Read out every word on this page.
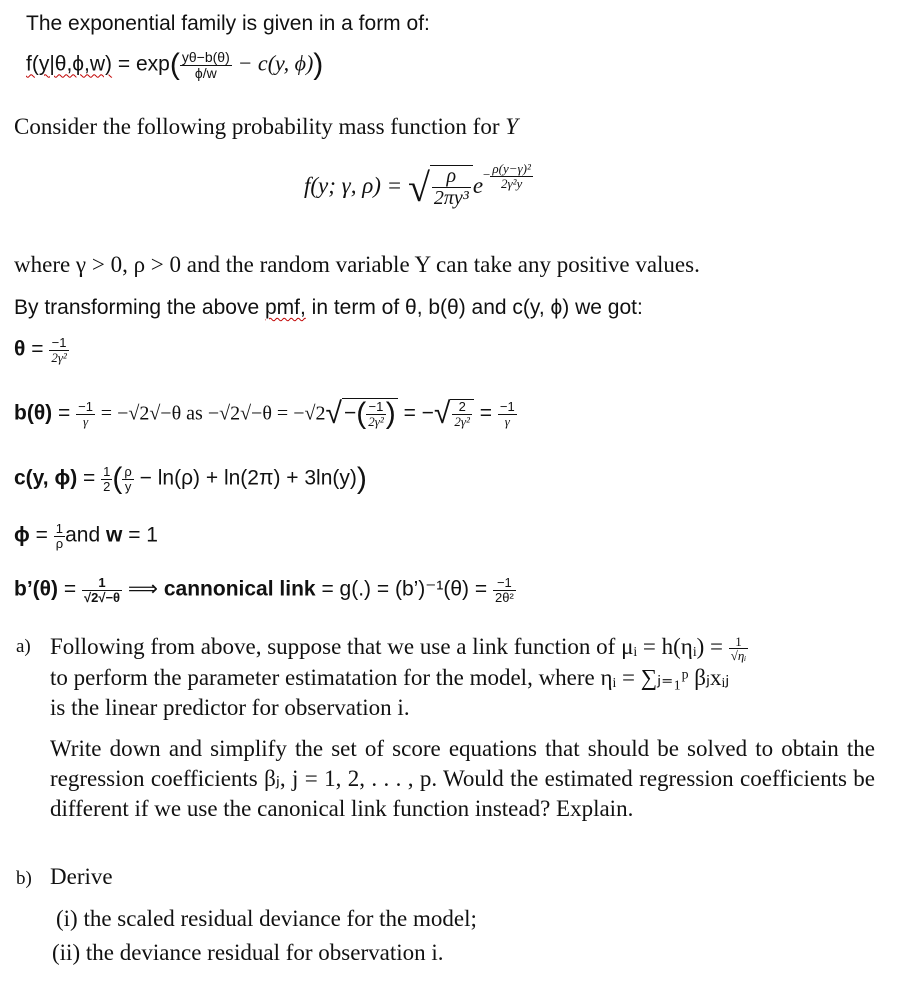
The exponential family is given in a form of:
$f(y|\theta,\phi,w) = \exp( \frac{y\theta-b(\theta)}{\phi/w} - c(y$, ϕ))
Consider the following probability mass function for Y
f(y; γ, ρ) = √ $\frac{\rho}{\text{2πy³}} e- \frac{\text{ρ(y−γ)²}}{\text{2γ²y}}$
where γ > 0, ρ > 0 and the random variable Y can take any positive values.
By transforming the above pmf, in term of θ, b(θ) and c(y, ϕ) we got:
$\theta = \frac{-1}{\text{2γ²}}$
$b(\theta) = \frac{-1}{\gamma} = -√2√-\theta$ as $-√2√-\theta = -√2√-( \frac{-1}{\text{2γ²}}$ ) = −√ $\frac{2}{\text{2γ²}} = \frac{-1}{\gamma}$
c(y, $\phi) = \frac{1}{2}$ ( $\frac{\rho}{y} - \ln(\rho) + \ln(2\pi) + 3\ln(y)$)
$\phi = \frac{1}{\rho}$ and w = 1
b’(θ) = $\frac{1}{√2√-\theta}$ ⟹ cannonical link = g(.) = (b’)⁻¹(θ) = $\frac{-1}{\text{2θ²}}$
a) Following from above, suppose that we use a link function of μᵢ = h(ηᵢ) = $\frac{1}{\text{√ηᵢ}}$
to perform the parameter estimatation for the model, where ηᵢ = ∑ⱼ₌₁ᵖ βⱼxᵢⱼ
is the linear predictor for observation i.
Write down and simplify the set of score equations that should be solved to obtain the regression coefficients βⱼ, j = 1, 2, . . . , p. Would the estimated regression coefficients be different if we use the canonical link function instead? Explain.
b) Derive
(i) the scaled residual deviance for the model;
(ii) the deviance residual for observation i.
